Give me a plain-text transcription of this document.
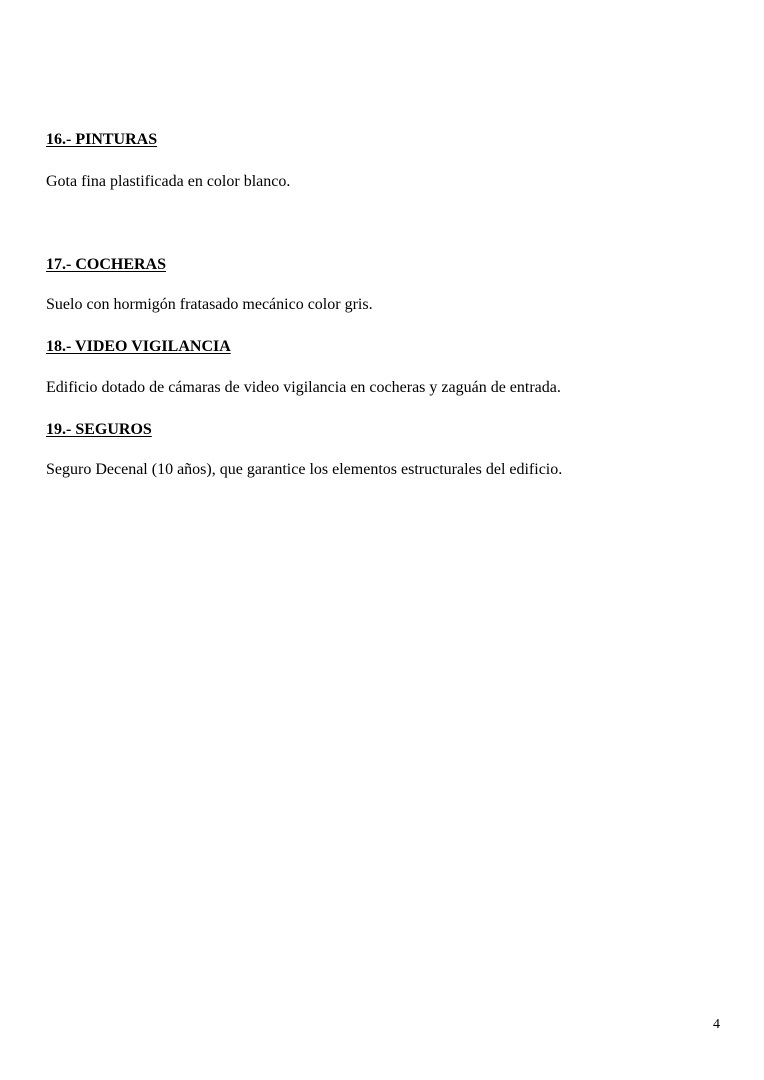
16.- PINTURAS

Gota fina plastificada en color blanco.

17.- COCHERAS

Suelo con hormigón fratasado mecánico color gris.

18.- VIDEO VIGILANCIA

Edificio dotado de cámaras de video vigilancia en cocheras y zaguán de entrada.

19.- SEGUROS

Seguro Decenal (10 años), que garantice los elementos estructurales del edificio.

4
